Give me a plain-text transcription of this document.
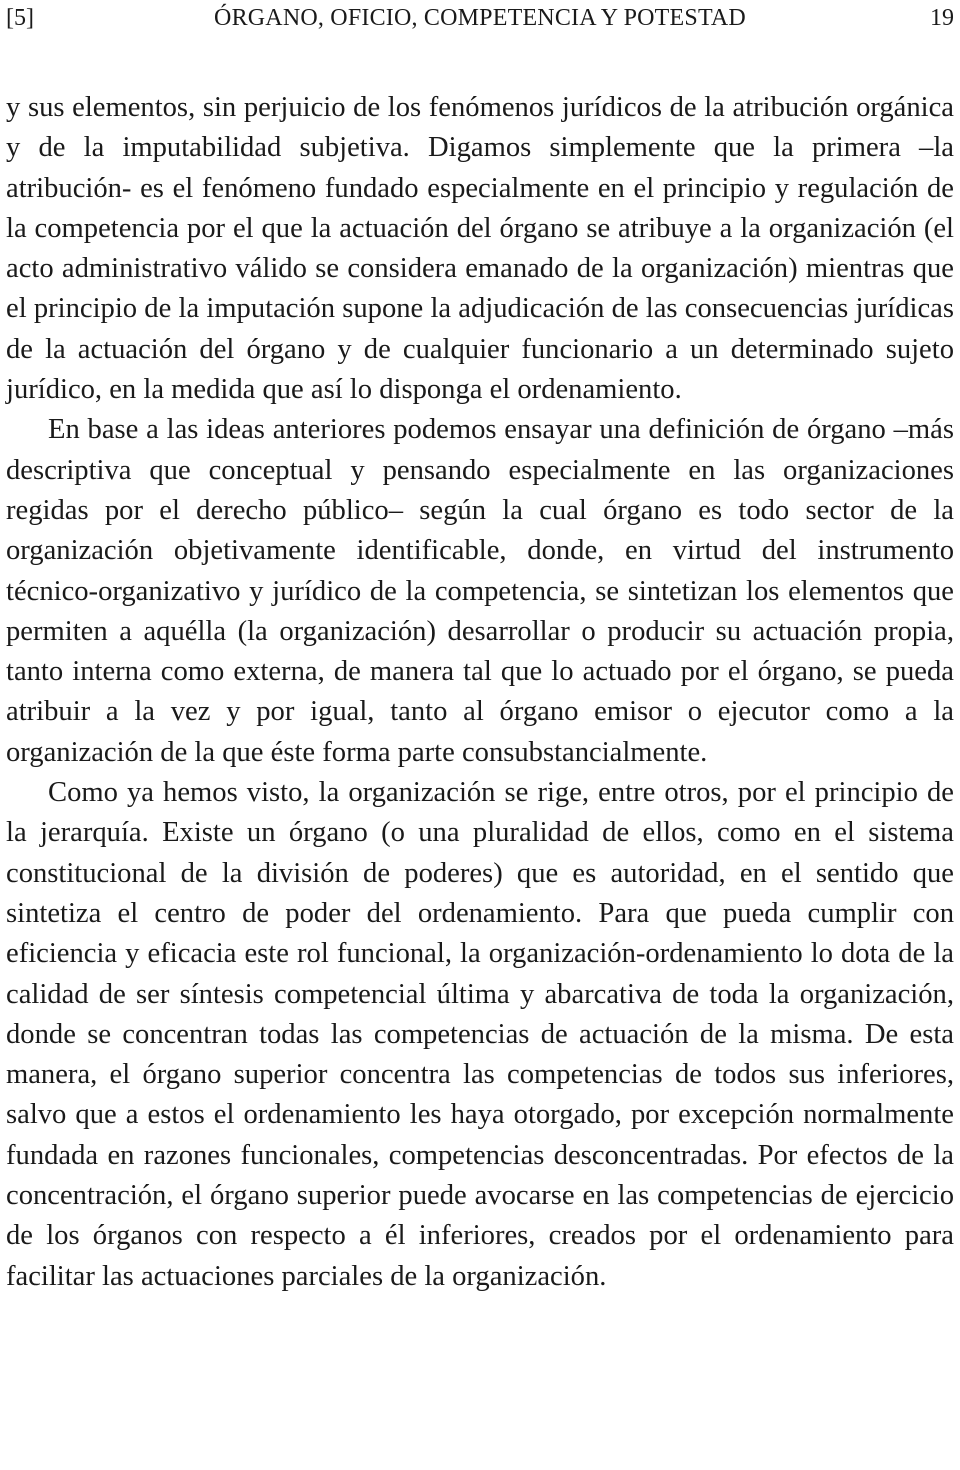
[5]	ÓRGANO, OFICIO, COMPETENCIA Y POTESTAD	19

y sus elementos, sin perjuicio de los fenómenos jurídicos de la atribución orgánica y de la imputabilidad subjetiva. Digamos simplemente que la primera –la atribución- es el fenómeno fundado especialmente en el principio y regulación de la competencia por el que la actuación del órgano se atribuye a la organización (el acto administrativo válido se considera emanado de la organización) mientras que el principio de la imputación supone la adjudicación de las consecuencias jurídicas de la actuación del órgano y de cualquier funcionario a un determinado sujeto jurídico, en la medida que así lo disponga el ordenamiento.

En base a las ideas anteriores podemos ensayar una definición de órgano –más descriptiva que conceptual y pensando especialmente en las organizaciones regidas por el derecho público– según la cual órgano es todo sector de la organización objetivamente identificable, donde, en virtud del instrumento técnico-organizativo y jurídico de la competencia, se sintetizan los elementos que permiten a aquélla (la organización) desarrollar o producir su actuación propia, tanto interna como externa, de manera tal que lo actuado por el órgano, se pueda atribuir a la vez y por igual, tanto al órgano emisor o ejecutor como a la organización de la que éste forma parte consubstancialmente.

Como ya hemos visto, la organización se rige, entre otros, por el principio de la jerarquía. Existe un órgano (o una pluralidad de ellos, como en el sistema constitucional de la división de poderes) que es autoridad, en el sentido que sintetiza el centro de poder del ordenamiento. Para que pueda cumplir con eficiencia y eficacia este rol funcional, la organización-ordenamiento lo dota de la calidad de ser síntesis competencial última y abarcativa de toda la organización, donde se concentran todas las competencias de actuación de la misma. De esta manera, el órgano superior concentra las competencias de todos sus inferiores, salvo que a estos el ordenamiento les haya otorgado, por excepción normalmente fundada en razones funcionales, competencias desconcentradas. Por efectos de la concentración, el órgano superior puede avocarse en las competencias de ejercicio de los órganos con respecto a él inferiores, creados por el ordenamiento para facilitar las actuaciones parciales de la organización.
